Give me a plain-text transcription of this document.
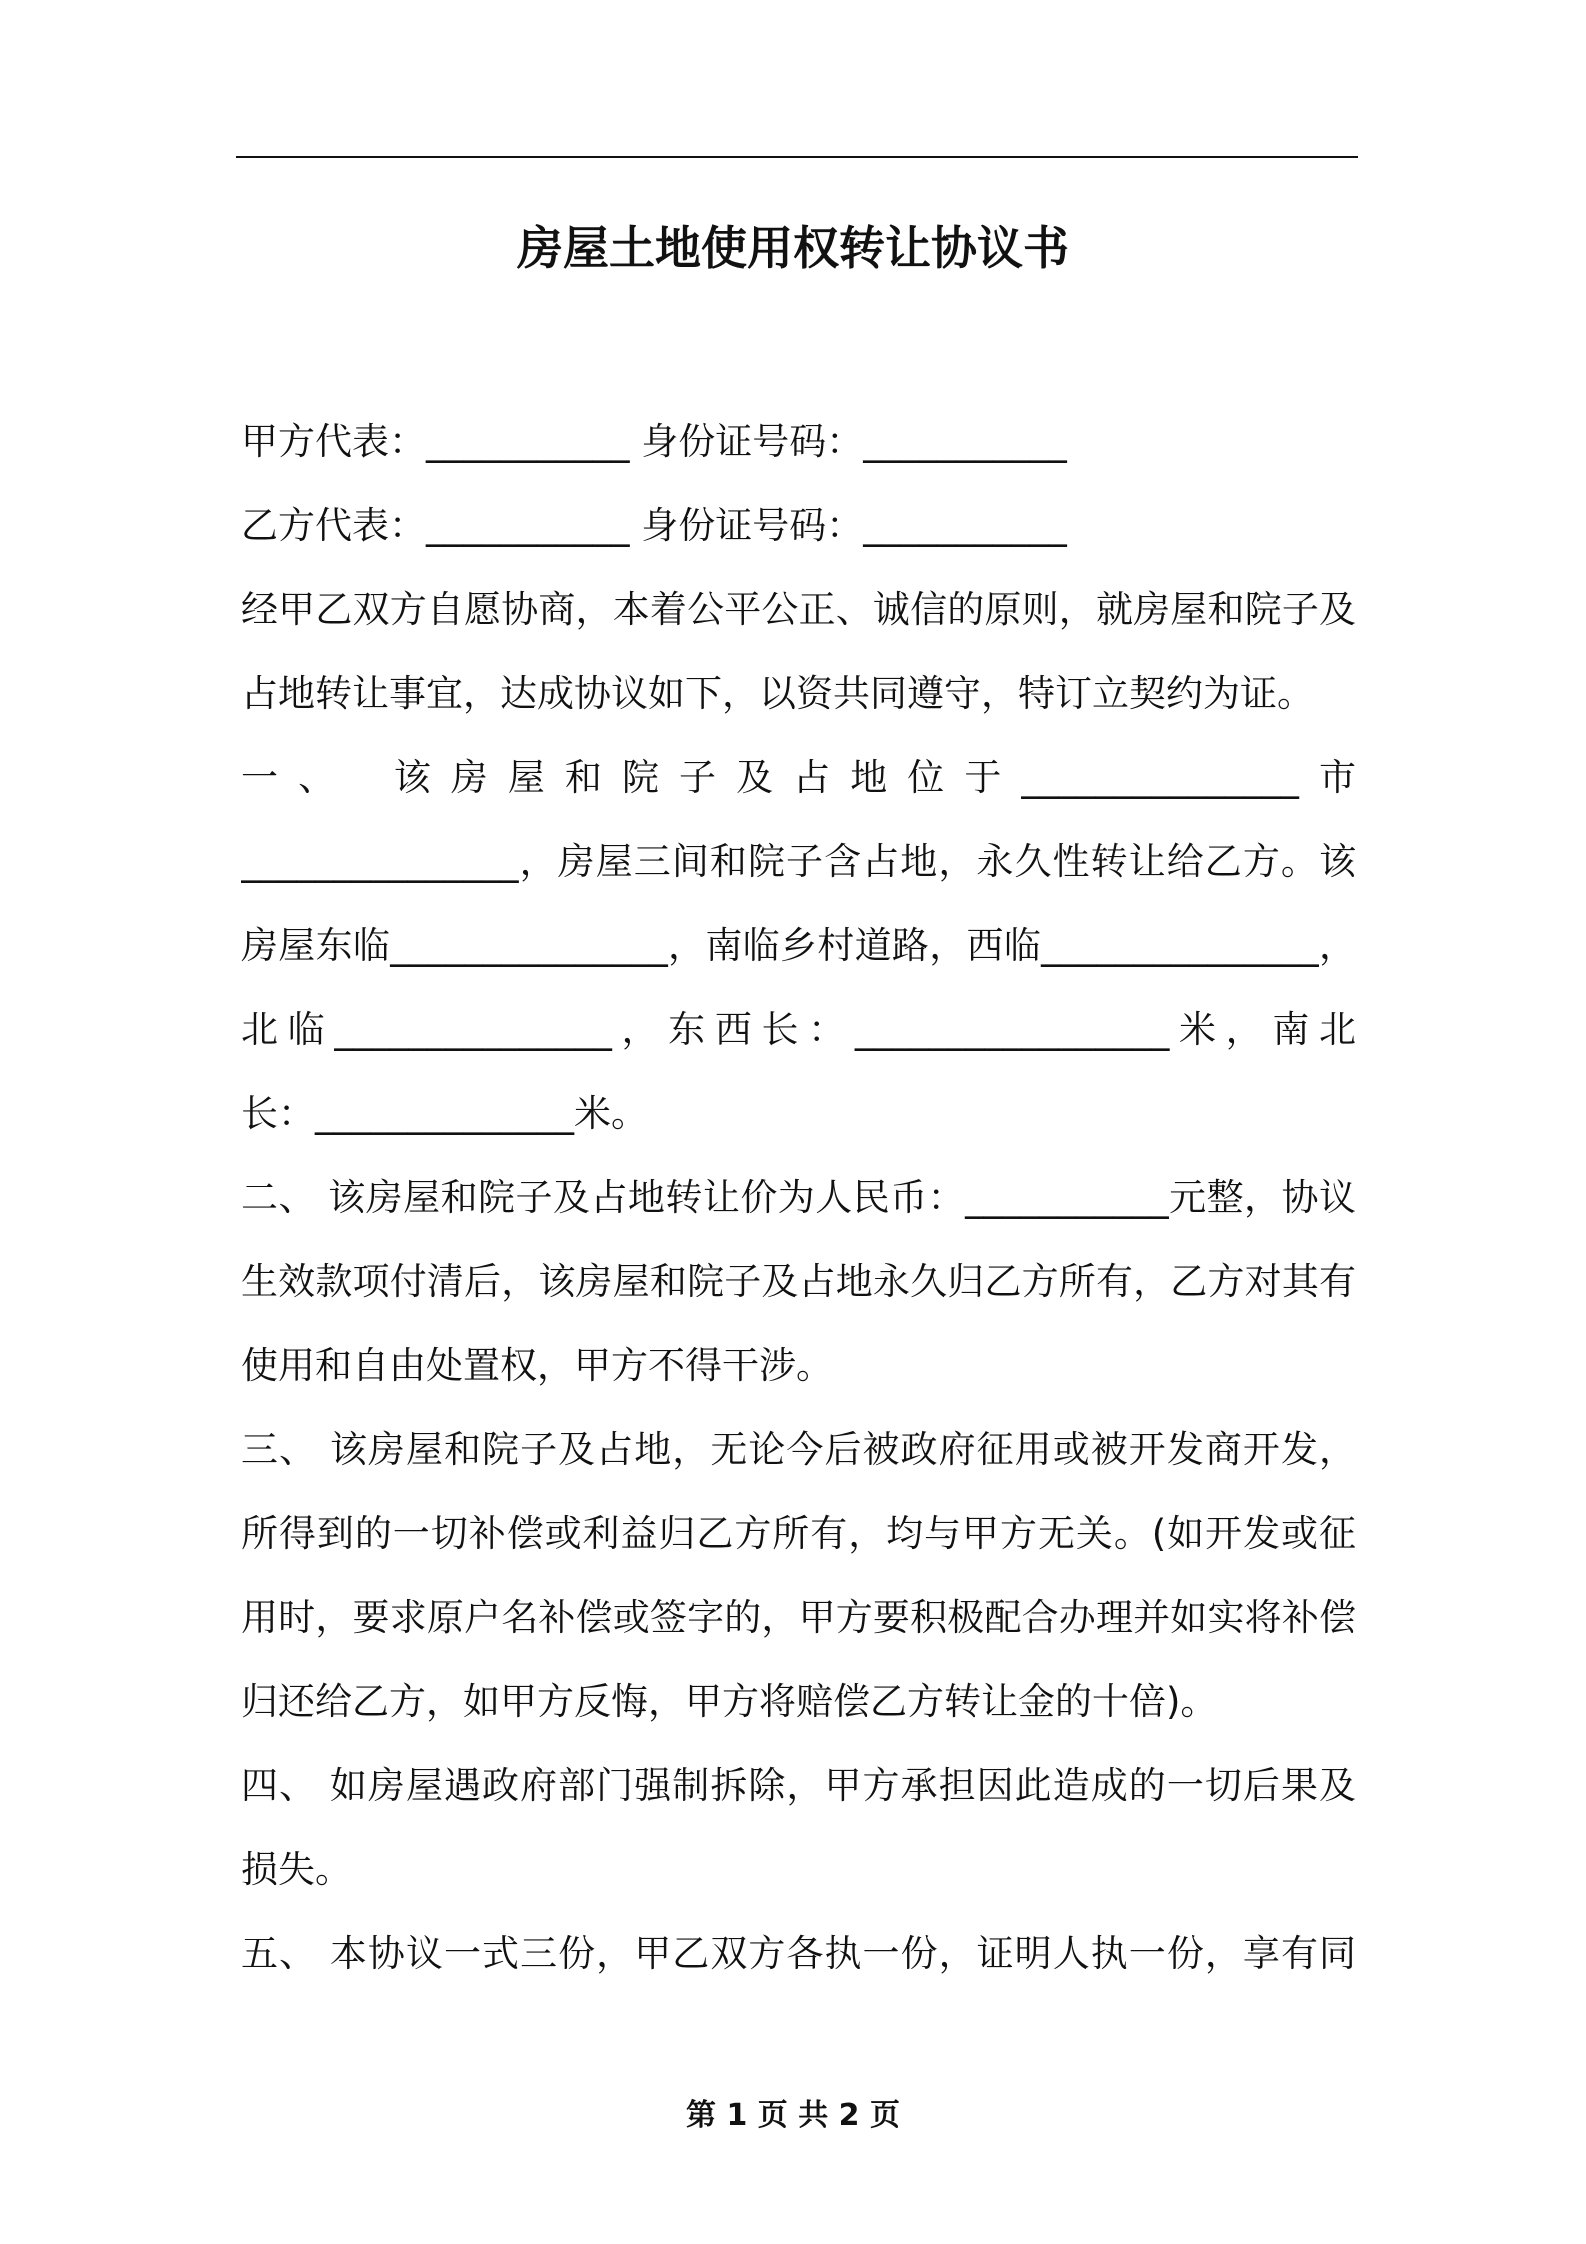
房屋土地使用权转让协议书
甲方代表：___________ 身份证号码：___________
乙方代表：___________ 身份证号码：___________
经甲乙双方自愿协商，本着公平公正、诚信的原则，就房屋和院子及
占地转让事宜，达成协议如下，以资共同遵守，特订立契约为证。
一、　该房屋和院子及占地位于_______________市
_______________，房屋三间和院子含占地，永久性转让给乙方。该
房屋东临_______________，南临乡村道路，西临_______________，
北临_______________，东西长：_________________米，南北
长：______________米。
二、 该房屋和院子及占地转让价为人民币：___________元整，协议
生效款项付清后，该房屋和院子及占地永久归乙方所有，乙方对其有
使用和自由处置权，甲方不得干涉。
三、 该房屋和院子及占地，无论今后被政府征用或被开发商开发，
所得到的一切补偿或利益归乙方所有，均与甲方无关。(如开发或征
用时，要求原户名补偿或签字的，甲方要积极配合办理并如实将补偿
归还给乙方，如甲方反悔，甲方将赔偿乙方转让金的十倍)。
四、 如房屋遇政府部门强制拆除，甲方承担因此造成的一切后果及
损失。
五、 本协议一式三份，甲乙双方各执一份，证明人执一份，享有同
第 1 页 共 2 页
